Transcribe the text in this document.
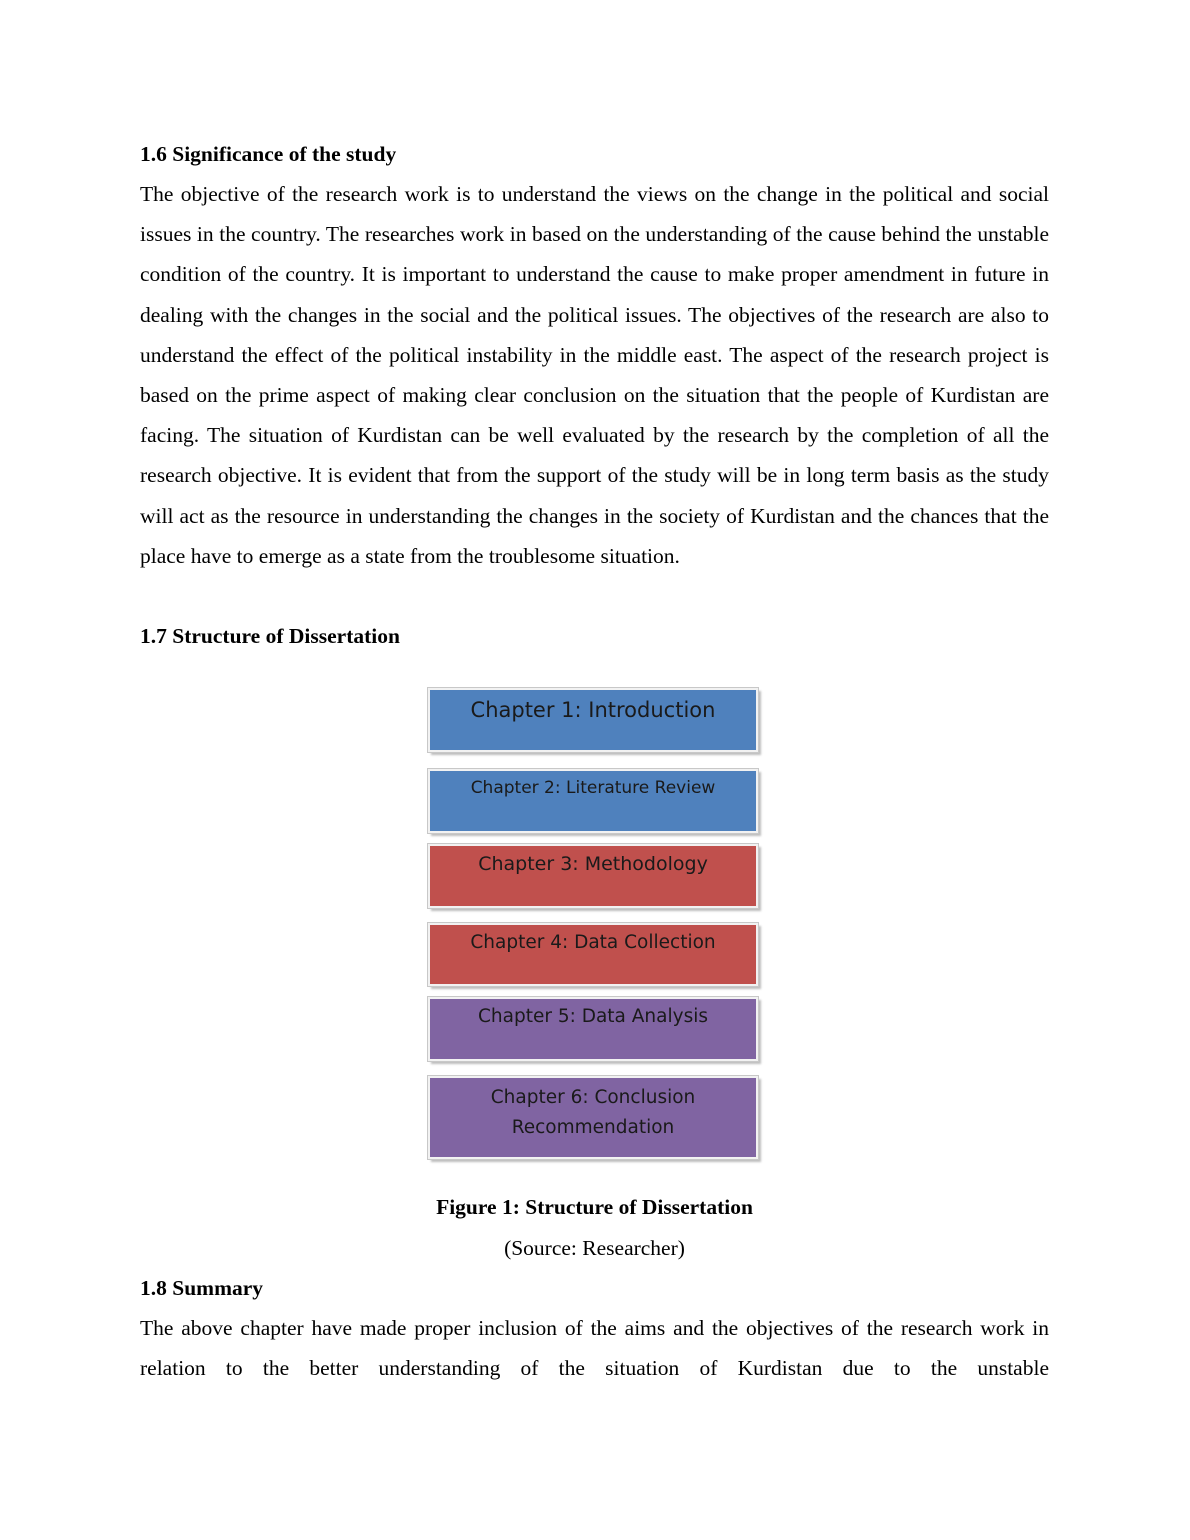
1.6 Significance of the study
The objective of the research work is to understand the views on the change in the political and social issues in the country. The researches work in based on the understanding of the cause behind the unstable condition of the country. It is important to understand the cause to make proper amendment in future in dealing with the changes in the social and the political issues. The objectives of the research are also to understand the effect of the political instability in the middle east. The aspect of the research project is based on the prime aspect of making clear conclusion on the situation that the people of Kurdistan are facing. The situation of Kurdistan can be well evaluated by the research by the completion of all the research objective. It is evident that from the support of the study will be in long term basis as the study will act as the resource in understanding the changes in the society of Kurdistan and the chances that the place have to emerge as a state from the troublesome situation.
1.7 Structure of Dissertation
Chapter 1: Introduction
Chapter 2: Literature Review
Chapter 3: Methodology
Chapter 4: Data Collection
Chapter 5: Data Analysis
Chapter 6: Conclusion Recommendation
Figure 1: Structure of Dissertation
(Source: Researcher)
1.8 Summary
The above chapter have made proper inclusion of the aims and the objectives of the research work in relation to the better understanding of the situation of Kurdistan due to the unstable
